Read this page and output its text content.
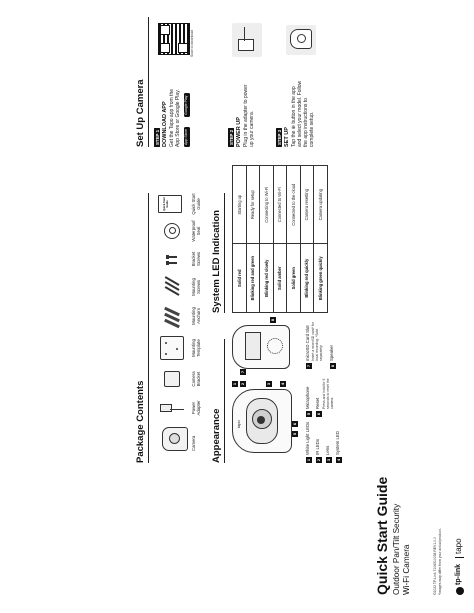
tp-link
tapo
Quick Start Guide Outdoor Pan/Tilt Security Wi-Fi Camera	©2022 TP-Link 7106510038 REV1.0.0 *Images may differ from your actual product.
Package Contents	Camera
Power Adapter
Camera Bracket
Mounting Template
Mounting Anchors
Mounting Screws
Bracket Screws
Waterproof Seal
Quick Start Guide	Quick Start Guide
Appearance	tapo
1 2	3 4
5
6
7
8
1
White Light LEDs
2
IR LEDs
3
Lens
4
System LED
5
Microphone
6
Reset Press and hold for 5 seconds to reset the camera.
7
microSD Card Slot Insert a microSD card* for local recording. *Sold separately
8
Speaker
System LED Indication	Solid red	Starting up
Blinking red and green	Ready for setup
Blinking red slowly	Connecting to Wi-Fi
Solid amber	Connected to Wi-Fi
Solid green	Connected to the cloud
Blinking red quickly	Camera resetting
Blinking green quickly	Camera updating
Set Up Camera STEP 1 DOWNLOAD APP Get the Tapo app from the App Store or Google Play. App Store
Google Play
Scan to download
STEP 2 POWER UP Plug in the adapter to power up your camera.	STEP 3 SET UP Tap the ⊕ button in the app and select your model. Follow the app instructions to complete setup.
